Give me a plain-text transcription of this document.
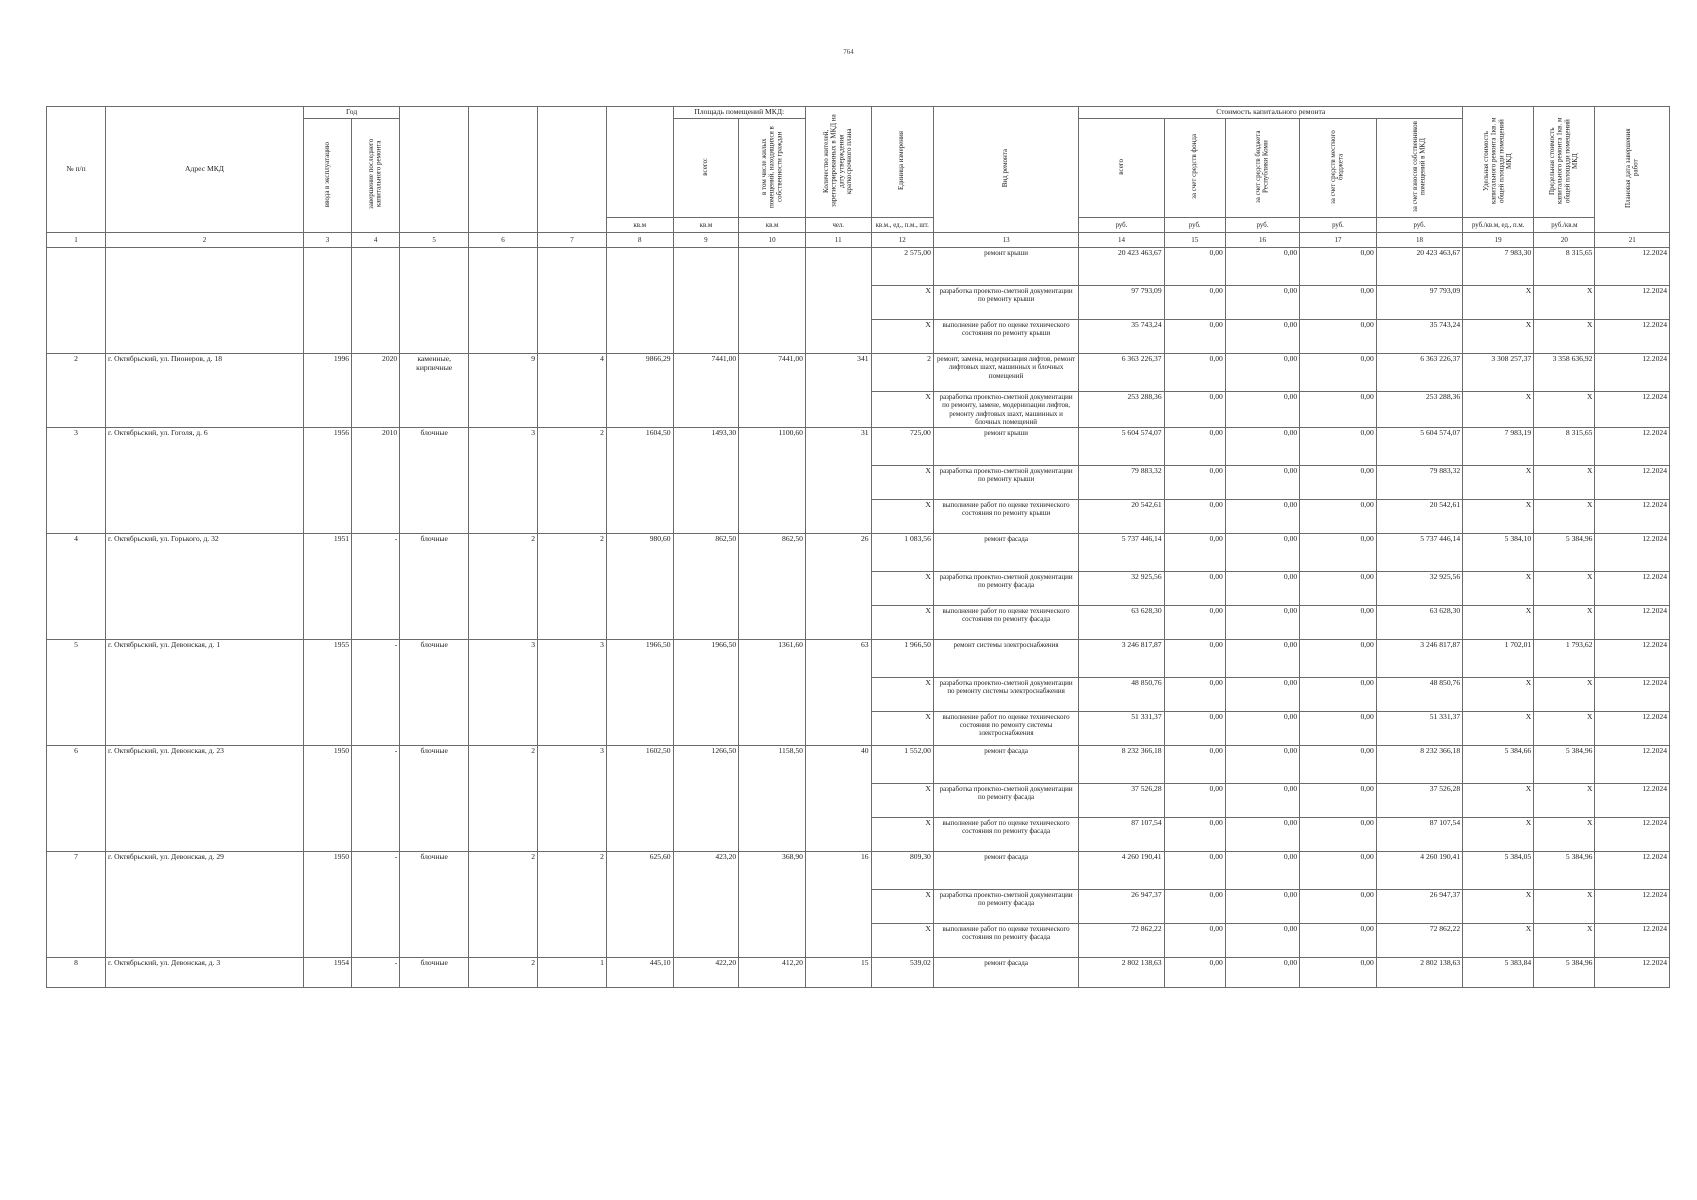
764
№ п/п	Адрес МКД	Год						Площадь помещений МКД:		Количество жителей, зарегистрированных в МКД на дату утверждения краткосрочного плана	Единица измерения	Вид ремонта	Стоимость капитального ремонта					Удельная стоимость капитального ремонта 1кв. м общей площади помещений МКД	Предельная стоимость капитального ремонта 1кв. м общей площади помещений МКД	Плановая дата завершения работ
		ввода в эксплуатацию	завершение последнего капитального ремонта					всего:	в том числе жилых помещений, находящихся в собственности граждан				всего	за счет средств фонда	за счет средств бюджета Республики Коми	за счет средств местного бюджета	за счет взносов собственников помещений в МКД			
							кв.м	кв.м	кв.м	чел.	кв.м., ед., п.м., шт.		руб.	руб.	руб.	руб.	руб.	руб./кв.м, ед., п.м.	руб./кв.м	
1	2	3	4	5	6	7	8	9	10	11	12	13	14	15	16	17	18	19	20	21
											2 575,00	ремонт крыши	20 423 463,67	0,00	0,00	0,00	20 423 463,67	7 983,30	8 315,65	12.2024
											X	разработка проектно-сметной документации по ремонту крыши	97 793,09	0,00	0,00	0,00	97 793,09	X	X	12.2024
											X	выполнение работ по оценке технического состояния по ремонту крыши	35 743,24	0,00	0,00	0,00	35 743,24	X	X	12.2024
2	г. Октябрьский, ул. Пионеров, д. 18	1996	2020	каменные, кирпичные	9	4	9866,29	7441,00	7441,00	341	2	ремонт, замена, модернизация лифтов, ремонт лифтовых шахт, машинных и блочных помещений	6 363 226,37	0,00	0,00	0,00	6 363 226,37	3 308 257,37	3 358 636,92	12.2024
											X	разработка проектно-сметной документации по ремонту, замене, модернизации лифтов, ремонту лифтовых шахт, машинных и блочных помещений	253 288,36	0,00	0,00	0,00	253 288,36	X	X	12.2024
3	г. Октябрьский, ул. Гоголя, д. 6	1956	2010	блочные	3	2	1604,50	1493,30	1100,60	31	725,00	ремонт крыши	5 604 574,07	0,00	0,00	0,00	5 604 574,07	7 983,19	8 315,65	12.2024
											X	разработка проектно-сметной документации по ремонту крыши	79 883,32	0,00	0,00	0,00	79 883,32	X	X	12.2024
											X	выполнение работ по оценке технического состояния по ремонту крыши	20 542,61	0,00	0,00	0,00	20 542,61	X	X	12.2024
4	г. Октябрьский, ул. Горького, д. 32	1951	-	блочные	2	2	980,60	862,50	862,50	26	1 083,56	ремонт фасада	5 737 446,14	0,00	0,00	0,00	5 737 446,14	5 384,10	5 384,96	12.2024
											X	разработка проектно-сметной документации по ремонту фасада	32 925,56	0,00	0,00	0,00	32 925,56	X	X	12.2024
											X	выполнение работ по оценке технического состояния по ремонту фасада	63 628,30	0,00	0,00	0,00	63 628,30	X	X	12.2024
5	г. Октябрьский, ул. Девонская, д. 1	1955	-	блочные	3	3	1966,50	1966,50	1361,60	63	1 966,50	ремонт системы электроснабжения	3 246 817,87	0,00	0,00	0,00	3 246 817,87	1 702,01	1 793,62	12.2024
											X	разработка проектно-сметной документации по ремонту системы электроснабжения	48 850,76	0,00	0,00	0,00	48 850,76	X	X	12.2024
											X	выполнение работ по оценке технического состояния по ремонту системы электроснабжения	51 331,37	0,00	0,00	0,00	51 331,37	X	X	12.2024
6	г. Октябрьский, ул. Девонская, д. 23	1950	-	блочные	2	3	1602,50	1266,50	1158,50	40	1 552,00	ремонт фасада	8 232 366,18	0,00	0,00	0,00	8 232 366,18	5 384,66	5 384,96	12.2024
											X	разработка проектно-сметной документации по ремонту фасада	37 526,28	0,00	0,00	0,00	37 526,28	X	X	12.2024
											X	выполнение работ по оценке технического состояния по ремонту фасада	87 107,54	0,00	0,00	0,00	87 107,54	X	X	12.2024
7	г. Октябрьский, ул. Девонская, д. 29	1950	-	блочные	2	2	625,60	423,20	368,90	16	809,30	ремонт фасада	4 260 190,41	0,00	0,00	0,00	4 260 190,41	5 384,05	5 384,96	12.2024
											X	разработка проектно-сметной документации по ремонту фасада	26 947,37	0,00	0,00	0,00	26 947,37	X	X	12.2024
											X	выполнение работ по оценке технического состояния по ремонту фасада	72 862,22	0,00	0,00	0,00	72 862,22	X	X	12.2024
8	г. Октябрьский, ул. Девонская, д. 3	1954	-	блочные	2	1	445,10	422,20	412,20	15	539,02	ремонт фасада	2 802 138,63	0,00	0,00	0,00	2 802 138,63	5 383,84	5 384,96	12.2024
